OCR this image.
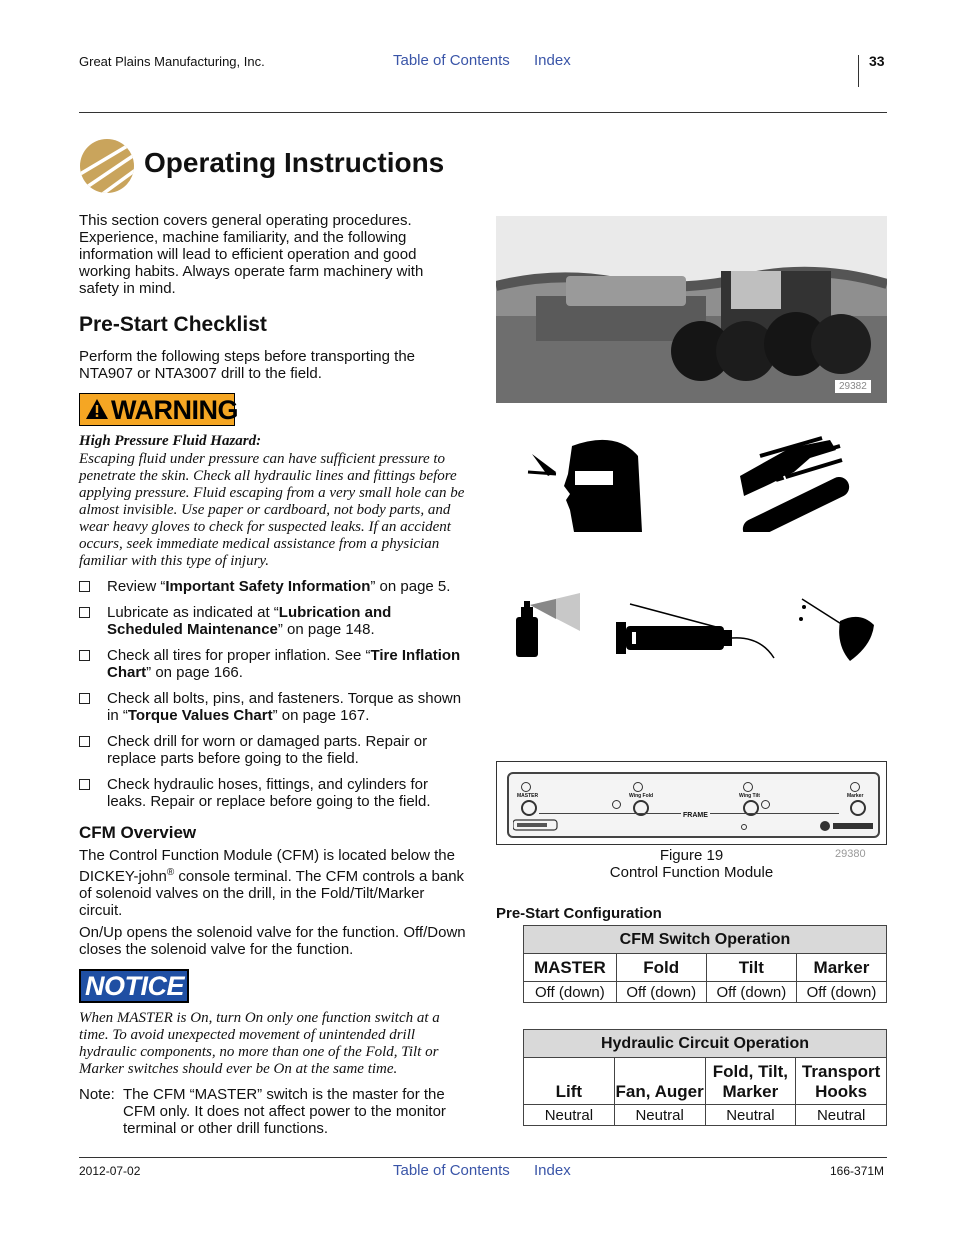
Great Plains Manufacturing, Inc.	Table of Contents Index	33
Operating Instructions
This section covers general operating procedures. Experience, machine familiarity, and the following information will lead to efficient operation and good working habits. Always operate farm machinery with safety in mind.
Pre-Start Checklist
Perform the following steps before transporting the NTA907 or NTA3007 drill to the field.
WARNING
High Pressure Fluid Hazard:
Escaping fluid under pressure can have sufficient pressure to penetrate the skin. Check all hydraulic lines and fittings before applying pressure. Fluid escaping from a very small hole can be almost invisible. Use paper or cardboard, not body parts, and wear heavy gloves to check for suspected leaks. If an accident occurs, seek immediate medical assistance from a physician familiar with this type of injury.
Review “Important Safety Information” on page 5.
Lubricate as indicated at “Lubrication and Scheduled Maintenance” on page 148.
Check all tires for proper inflation. See “Tire Inflation Chart” on page 166.
Check all bolts, pins, and fasteners. Torque as shown in “Torque Values Chart” on page 167.
Check drill for worn or damaged parts. Repair or replace parts before going to the field.
Check hydraulic hoses, fittings, and cylinders for leaks. Repair or replace before going to the field.
CFM Overview
The Control Function Module (CFM) is located below the DICKEY-john® console terminal. The CFM controls a bank of solenoid valves on the drill, in the Fold/Tilt/Marker circuit.
On/Up opens the solenoid valve for the function. Off/Down closes the solenoid valve for the function.
NOTICE
When MASTER is On, turn On only one function switch at a time. To avoid unexpected movement of unintended drill hydraulic components, no more than one of the Fold, Tilt or Marker switches should ever be On at the same time.
Note: The CFM “MASTER” switch is the master for the CFM only. It does not affect power to the monitor terminal or other drill functions.
29382
MASTER	Wing Fold	Wing Tilt	Marker
FRAME
29380
Figure 19
Control Function Module
Pre-Start Configuration
CFM Switch Operation			
MASTER	Fold	Tilt	Marker
Off (down)	Off (down)	Off (down)	Off (down)
Hydraulic Circuit Operation			
Lift	Fan, Auger	Fold, Tilt, Marker	Transport Hooks
Neutral	Neutral	Neutral	Neutral
2012-07-02	Table of Contents Index	166-371M
